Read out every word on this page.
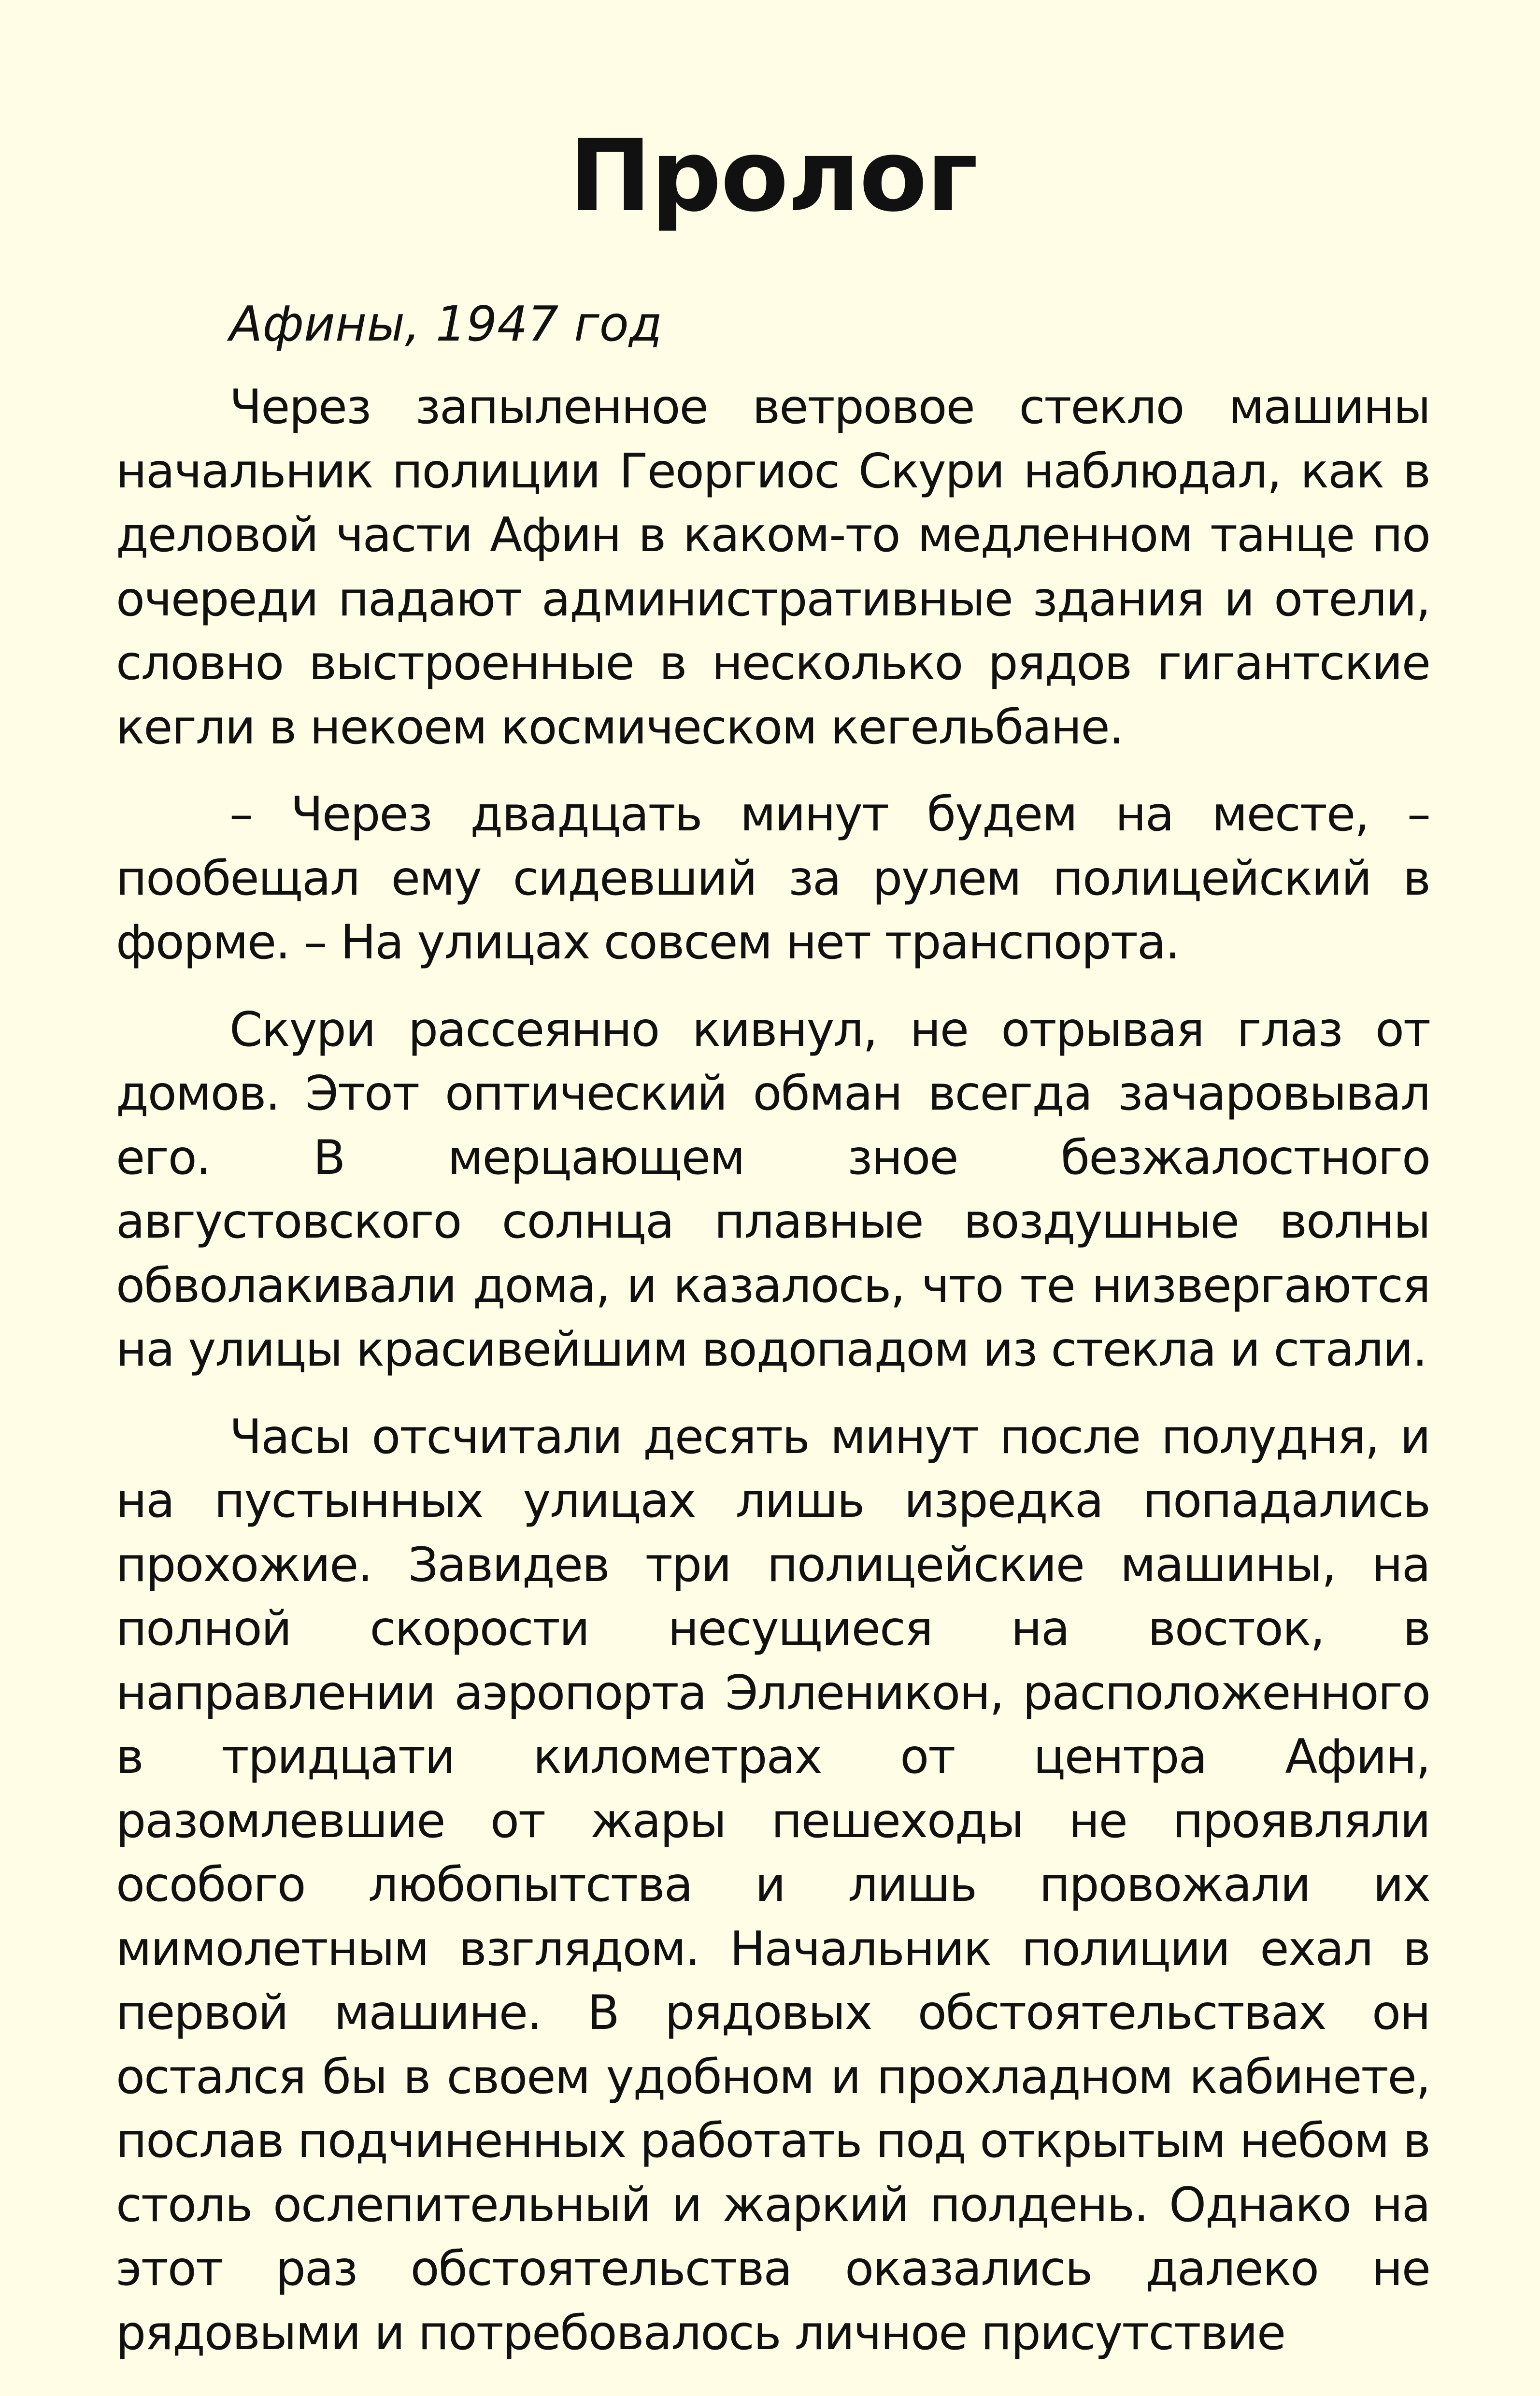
Пролог

Афины, 1947 год

Через запыленное ветровое стекло машины начальник полиции Георгиос Скури наблюдал, как в деловой части Афин в каком-то медленном танце по очереди падают административные здания и отели, словно выстроенные в несколько рядов гигантские кегли в некоем космическом кегельбане.

– Через двадцать минут будем на месте, – пообещал ему сидевший за рулем полицейский в форме. – На улицах совсем нет транспорта.

Скури рассеянно кивнул, не отрывая глаз от домов. Этот оптический обман всегда зачаровывал его. В мерцающем зное безжалостного августовского солнца плавные воздушные волны обволакивали дома, и казалось, что те низвергаются на улицы красивейшим водопадом из стекла и стали.

Часы отсчитали десять минут после полудня, и на пустынных улицах лишь изредка попадались прохожие. Завидев три полицейские машины, на полной скорости несущиеся на восток, в направлении аэропорта Элленикон, расположенного в тридцати километрах от центра Афин, разомлевшие от жары пешеходы не проявляли особого любопытства и лишь провожали их мимолетным взглядом. Начальник полиции ехал в первой машине. В рядовых обстоятельствах он остался бы в своем удобном и прохладном кабинете, послав подчиненных работать под открытым небом в столь ослепительный и жаркий полдень. Однако на этот раз обстоятельства оказались далеко не рядовыми и потребовалось личное присутствие
